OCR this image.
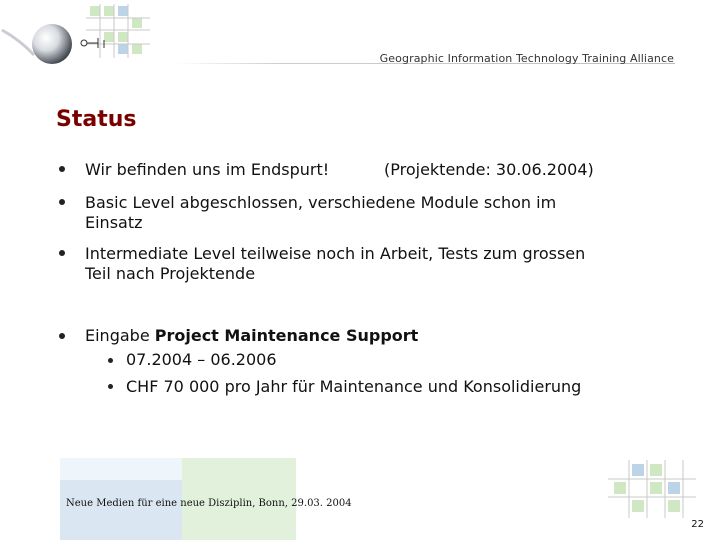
Geographic Information Technology Training Alliance
Status
Wir befinden uns im Endspurt!	(Projektende: 30.06.2004)
Basic Level abgeschlossen, verschiedene Module schon im
Einsatz
Intermediate Level teilweise noch in Arbeit, Tests zum grossen
Teil nach Projektende
Eingabe Project Maintenance Support
07.2004 – 06.2006
CHF 70 000 pro Jahr für Maintenance und Konsolidierung
Neue Medien für eine neue Disziplin, Bonn, 29.03. 2004
22
